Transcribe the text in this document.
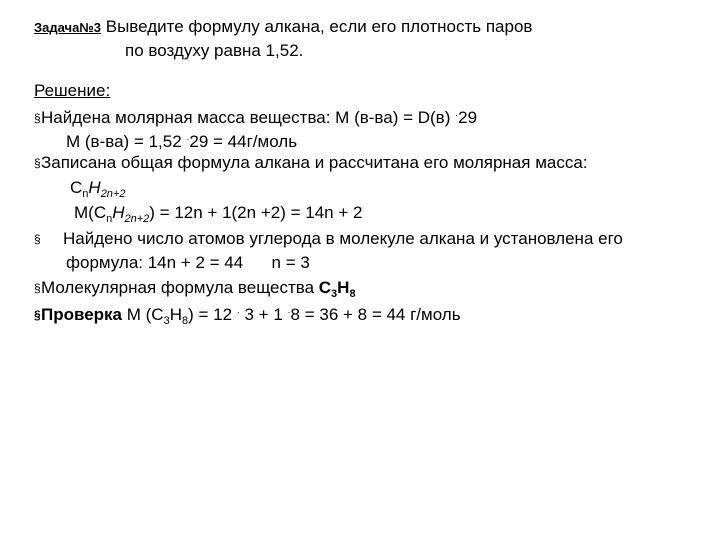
Задача№3 Выведите формулу алкана, если его плотность паров
по воздуху равна 1,52.
Решение:
§Найдена молярная масса вещества: М (в-ва) = D(в) ·29
М (в-ва) = 1,52 ·29 = 44г/моль
§Записана общая формула алкана и рассчитана его молярная масса:
$C_nH_{2n+2}$
$M(C_nH_{2n+2}) = 12n + 1(2n +2) = 14n + 2$
§ Найдено число атомов углерода в молекуле алкана и установлена его
формула: 14n + 2 = 44      n = 3
§Молекулярная формула вещества $C_3H_8$
§Проверка М $(C_3H_8) = 12$ · 3 + 1 ·8 = 36 + 8 = 44 г/моль
